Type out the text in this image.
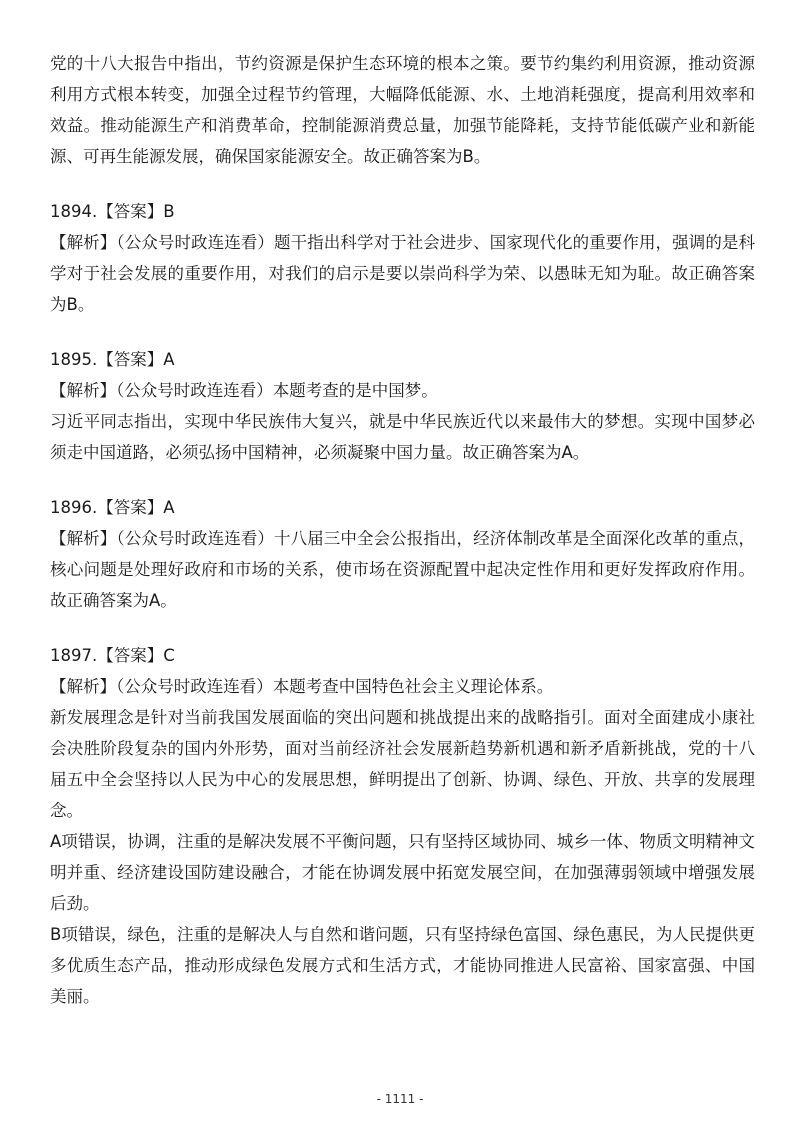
党的十八大报告中指出，节约资源是保护生态环境的根本之策。要节约集约利用资源，推动资源利用方式根本转变，加强全过程节约管理，大幅降低能源、水、土地消耗强度，提高利用效率和效益。推动能源生产和消费革命，控制能源消费总量，加强节能降耗，支持节能低碳产业和新能源、可再生能源发展，确保国家能源安全。故正确答案为B。

1894.【答案】B

【解析】（公众号时政连连看）题干指出科学对于社会进步、国家现代化的重要作用，强调的是科学对于社会发展的重要作用，对我们的启示是要以崇尚科学为荣、以愚昧无知为耻。故正确答案为B。

1895.【答案】A

【解析】（公众号时政连连看）本题考查的是中国梦。

习近平同志指出，实现中华民族伟大复兴，就是中华民族近代以来最伟大的梦想。实现中国梦必须走中国道路，必须弘扬中国精神，必须凝聚中国力量。故正确答案为A。

1896.【答案】A

【解析】（公众号时政连连看）十八届三中全会公报指出，经济体制改革是全面深化改革的重点，核心问题是处理好政府和市场的关系，使市场在资源配置中起决定性作用和更好发挥政府作用。故正确答案为A。

1897.【答案】C

【解析】（公众号时政连连看）本题考查中国特色社会主义理论体系。

新发展理念是针对当前我国发展面临的突出问题和挑战提出来的战略指引。面对全面建成小康社会决胜阶段复杂的国内外形势，面对当前经济社会发展新趋势新机遇和新矛盾新挑战，党的十八届五中全会坚持以人民为中心的发展思想，鲜明提出了创新、协调、绿色、开放、共享的发展理念。

A项错误，协调，注重的是解决发展不平衡问题，只有坚持区域协同、城乡一体、物质文明精神文明并重、经济建设国防建设融合，才能在协调发展中拓宽发展空间，在加强薄弱领域中增强发展后劲。

B项错误，绿色，注重的是解决人与自然和谐问题，只有坚持绿色富国、绿色惠民，为人民提供更多优质生态产品，推动形成绿色发展方式和生活方式，才能协同推进人民富裕、国家富强、中国美丽。

- 1111 -
